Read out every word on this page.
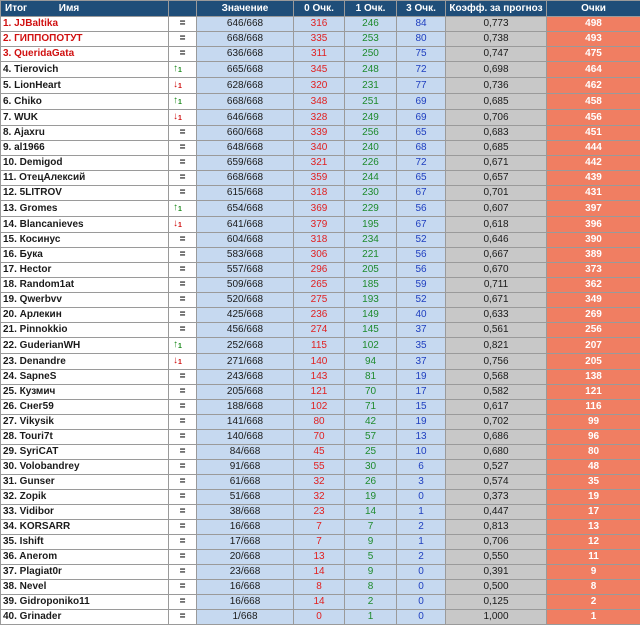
Итог Имя		Значение	0 Очк.	1 Очк.	3 Очк.	Коэфф. за прогноз	Очки
1. JJBaltika	=	646/668	316	246	84	0,773	498
2. ГИППОПОТУТ	=	668/668	335	253	80	0,738	493
3. QueridaGata	=	636/668	311	250	75	0,747	475
4. Tierovich	$↑_1$	665/668	345	248	72	0,698	464
5. LionHeart	$↓_1$	628/668	320	231	77	0,736	462
6. Chiko	$↑_1$	668/668	348	251	69	0,685	458
7. WUK	$↓_1$	646/668	328	249	69	0,706	456
8. Ajaxru	=	660/668	339	256	65	0,683	451
9. al1966	=	648/668	340	240	68	0,685	444
10. Demigod	=	659/668	321	226	72	0,671	442
11. ОтецАлексий	=	668/668	359	244	65	0,657	439
12. 5LITROV	=	615/668	318	230	67	0,701	431
13. Gromes	$↑_1$	654/668	369	229	56	0,607	397
14. Blancanieves	$↓_1$	641/668	379	195	67	0,618	396
15. Косинус	=	604/668	318	234	52	0,646	390
16. Бука	=	583/668	306	221	56	0,667	389
17. Hector	=	557/668	296	205	56	0,670	373
18. Random1at	=	509/668	265	185	59	0,711	362
19. Qwerbvv	=	520/668	275	193	52	0,671	349
20. Арлекин	=	425/668	236	149	40	0,633	269
21. Pinnokkio	=	456/668	274	145	37	0,561	256
22. GuderianWH	$↑_1$	252/668	115	102	35	0,821	207
23. Denandre	$↓_1$	271/668	140	94	37	0,756	205
24. SapneS	=	243/668	143	81	19	0,568	138
25. Кузмич	=	205/668	121	70	17	0,582	121
26. Снег59	=	188/668	102	71	15	0,617	116
27. Vikysik	=	141/668	80	42	19	0,702	99
28. Touri7t	=	140/668	70	57	13	0,686	96
29. SyriCAT	=	84/668	45	25	10	0,680	80
30. Volobandrey	=	91/668	55	30	6	0,527	48
31. Gunser	=	61/668	32	26	3	0,574	35
32. Zopik	=	51/668	32	19	0	0,373	19
33. Vidibor	=	38/668	23	14	1	0,447	17
34. KORSARR	=	16/668	7	7	2	0,813	13
35. Ishift	=	17/668	7	9	1	0,706	12
36. Anerom	=	20/668	13	5	2	0,550	11
37. Plagiat0r	=	23/668	14	9	0	0,391	9
38. Nevel	=	16/668	8	8	0	0,500	8
39. Gidroponiko11	=	16/668	14	2	0	0,125	2
40. Grinader	=	1/668	0	1	0	1,000	1
